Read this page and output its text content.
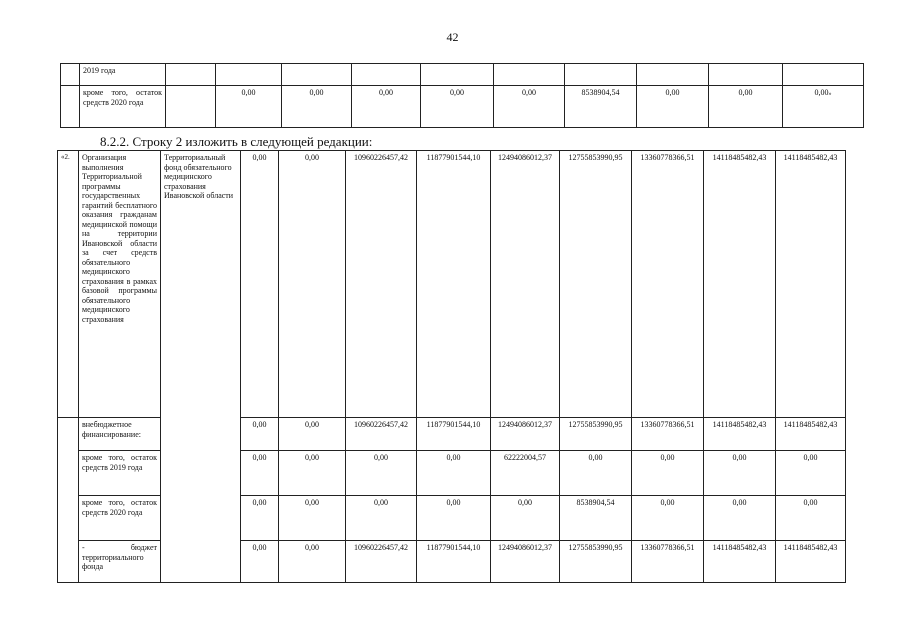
42
	2019 года										
	кроме того, остаток средств 2020 года		0,00	0,00	0,00	0,00	0,00	8538904,54	0,00	0,00	0,00»
8.2.2. Строку 2 изложить в следующей редакции:
«2.	Организация выполнения Территориальной программы государственных гарантий бесплатного оказания гражданам медицинской помощи на территории Ивановской области за счет средств обязательного медицинского страхования в рамках базовой программы обязательного медицинского страхования	Территориальный фонд обязательного медицинского страхования Ивановской области	0,00	0,00	10960226457,42	11877901544,10	12494086012,37	12755853990,95	13360778366,51	14118485482,43	14118485482,43
	внебюджетное финансирование:		0,00	0,00	10960226457,42	11877901544,10	12494086012,37	12755853990,95	13360778366,51	14118485482,43	14118485482,43
	кроме того, остаток средств 2019 года		0,00	0,00	0,00	0,00	62222004,57	0,00	0,00	0,00	0,00
	кроме того, остаток средств 2020 года		0,00	0,00	0,00	0,00	0,00	8538904,54	0,00	0,00	0,00
	- бюджет территориального фонда		0,00	0,00	10960226457,42	11877901544,10	12494086012,37	12755853990,95	13360778366,51	14118485482,43	14118485482,43
